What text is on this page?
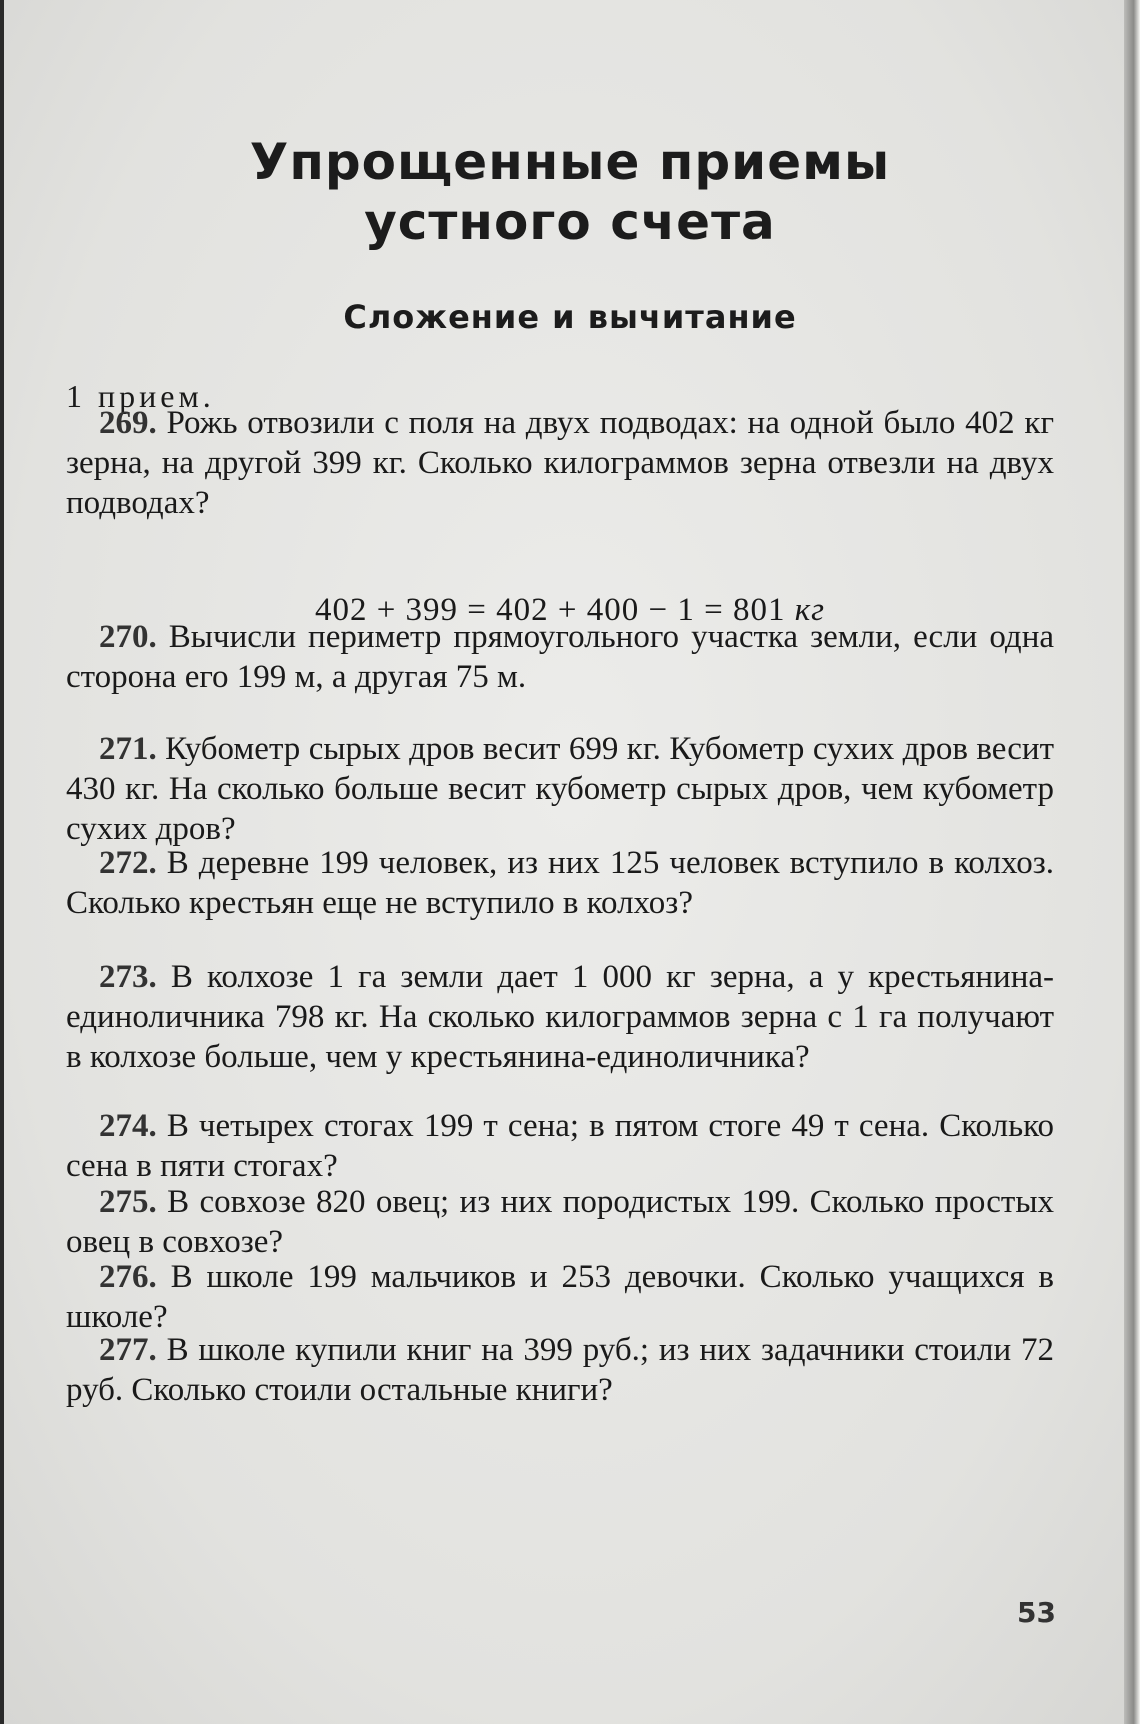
Упрощенные приемы
устного счета
Сложение и вычитание
1 прием.
 269. Рожь отвозили с поля на двух подводах: на одной было 402 кг зерна, на другой 399 кг. Сколько килограммов зерна отвезли на двух подводах?
402 + 399 = 402 + 400 − 1 = 801 кг
 270. Вычисли периметр прямоугольного участка земли, если одна сторона его 199 м, а другая 75 м.
 271. Кубометр сырых дров весит 699 кг. Кубометр сухих дров весит 430 кг. На сколько больше весит кубометр сырых дров, чем кубометр сухих дров?
 272. В деревне 199 человек, из них 125 человек вступило в колхоз. Сколько крестьян еще не вступило в колхоз?
 273. В колхозе 1 га земли дает 1 000 кг зерна, а у крестьянина-единоличника 798 кг. На сколько килограммов зерна с 1 га получают в колхозе больше, чем у крестьянина-единоличника?
 274. В четырех стогах 199 т сена; в пятом стоге 49 т сена. Сколько сена в пяти стогах?
 275. В совхозе 820 овец; из них породистых 199. Сколько простых овец в совхозе?
 276. В школе 199 мальчиков и 253 девочки. Сколько учащихся в школе?
 277. В школе купили книг на 399 руб.; из них задачники стоили 72 руб. Сколько стоили остальные книги?
53
